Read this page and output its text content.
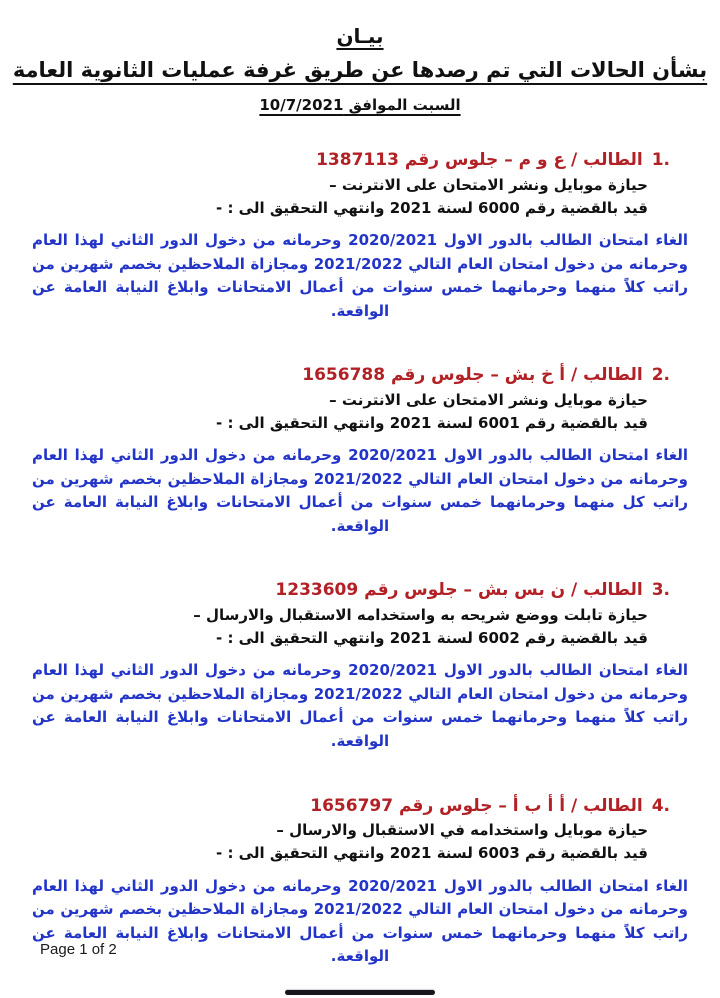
بيـان
بشأن الحالات التي تم رصدها عن طريق غرفة عمليات الثانوية العامة
السبت الموافق 10/7/2021
1.
الطالب / ع و م – جلوس رقم 1387113
حيازة موبايل ونشر الامتحان على الانترنت –
قيد بالقضية رقم 6000 لسنة 2021 وانتهي التحقيق الى : -
الغاء امتحان الطالب بالدور الاول 2020/2021 وحرمانه من دخول الدور الثاني لهذا العام وحرمانه من دخول امتحان العام التالي 2021/2022 ومجازاة الملاحظين بخصم شهرين من راتب كلاً منهما وحرمانهما خمس سنوات من أعمال الامتحانات وابلاغ النيابة العامة عن الواقعة.
2.
الطالب / أ خ بش – جلوس رقم 1656788
حيازة موبايل ونشر الامتحان على الانترنت –
قيد بالقضية رقم 6001 لسنة 2021 وانتهي التحقيق الى : -
الغاء امتحان الطالب بالدور الاول 2020/2021 وحرمانه من دخول الدور الثاني لهذا العام وحرمانه من دخول امتحان العام التالي 2021/2022 ومجازاة الملاحظين بخصم شهرين من راتب كل منهما وحرمانهما خمس سنوات من أعمال الامتحانات وابلاغ النيابة العامة عن الواقعة.
3.
الطالب / ن بس بش – جلوس رقم 1233609
حيازة تابلت ووضع شريحه به واستخدامه الاستقبال والارسال –
قيد بالقضية رقم 6002 لسنة 2021 وانتهي التحقيق الى : -
الغاء امتحان الطالب بالدور الاول 2020/2021 وحرمانه من دخول الدور الثاني لهذا العام وحرمانه من دخول امتحان العام التالي 2021/2022 ومجازاة الملاحظين بخصم شهرين من راتب كلاً منهما وحرمانهما خمس سنوات من أعمال الامتحانات وابلاغ النيابة العامة عن الواقعة.
4.
الطالب / أ أ ب أ – جلوس رقم 1656797
حيازة موبايل واستخدامه في الاستقبال والارسال –
قيد بالقضية رقم 6003 لسنة 2021 وانتهي التحقيق الى : -
الغاء امتحان الطالب بالدور الاول 2020/2021 وحرمانه من دخول الدور الثاني لهذا العام وحرمانه من دخول امتحان العام التالي 2021/2022 ومجازاة الملاحظين بخصم شهرين من راتب كلاً منهما وحرمانهما خمس سنوات من أعمال الامتحانات وابلاغ النيابة العامة عن الواقعة.
Page 1 of 2
